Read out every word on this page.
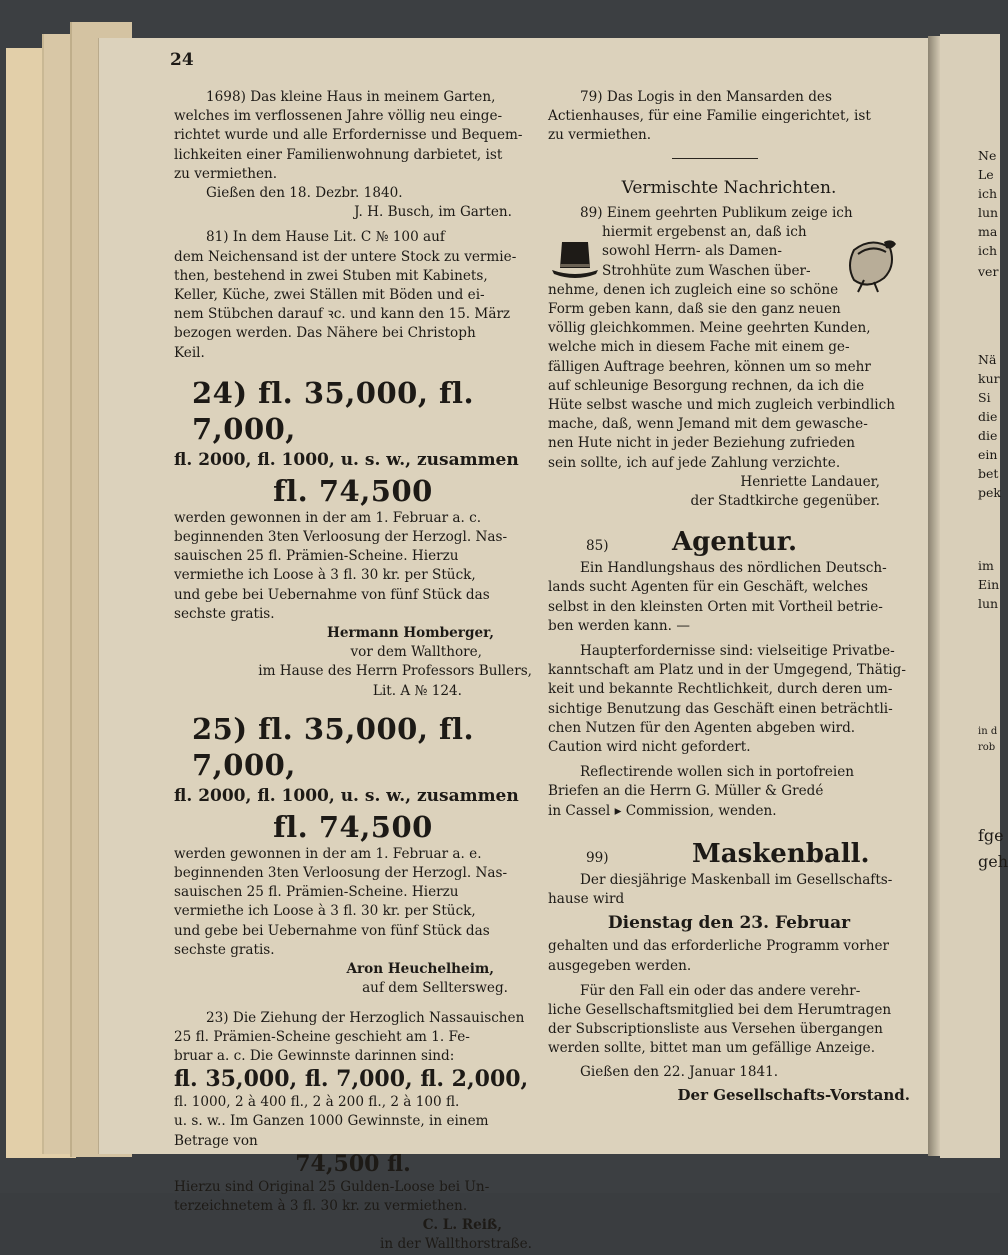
24

1698) Das kleine Haus in meinem Garten,

welches im verflossenen Jahre völlig neu einge-

richtet wurde und alle Erfordernisse und Bequem-

lichkeiten einer Familienwohnung darbietet, ist

zu vermiethen.

Gießen den 18. Dezbr. 1840.

J. H. Busch, im Garten.

81) In dem Hause Lit. C № 100 auf

dem Neichensand ist der untere Stock zu vermie-

then, bestehend in zwei Stuben mit Kabinets,

Keller, Küche, zwei Ställen mit Böden und ei-

nem Stübchen darauf ꝛc. und kann den 15. März

bezogen werden. Das Nähere bei Christoph

Keil.

24) fl. 35,000, fl. 7,000,

fl. 2000, fl. 1000, u. s. w., zusammen

fl. 74,500

werden gewonnen in der am 1. Februar a. c.

beginnenden 3ten Verloosung der Herzogl. Nas-

sauischen 25 fl. Prämien-Scheine. Hierzu

vermiethe ich Loose à 3 fl. 30 kr. per Stück,

und gebe bei Uebernahme von fünf Stück das

sechste gratis.

Hermann Homberger,

vor dem Wallthore,

im Hause des Herrn Professors Bullers,

Lit. A № 124.

25) fl. 35,000, fl. 7,000,

fl. 2000, fl. 1000, u. s. w., zusammen

fl. 74,500

werden gewonnen in der am 1. Februar a. e.

beginnenden 3ten Verloosung der Herzogl. Nas-

sauischen 25 fl. Prämien-Scheine. Hierzu

vermiethe ich Loose à 3 fl. 30 kr. per Stück,

und gebe bei Uebernahme von fünf Stück das

sechste gratis.

Aron Heuchelheim,

auf dem Selltersweg.

23) Die Ziehung der Herzoglich Nassauischen

25 fl. Prämien-Scheine geschieht am 1. Fe-

bruar a. c. Die Gewinnste darinnen sind:

fl. 35,000, fl. 7,000, fl. 2,000,

fl. 1000, 2 à 400 fl., 2 à 200 fl., 2 à 100 fl.

u. s. w.. Im Ganzen 1000 Gewinnste, in einem

Betrage von

74,500 fl.

Hierzu sind Original 25 Gulden-Loose bei Un-

terzeichnetem à 3 fl. 30 kr. zu vermiethen.

C. L. Reiß,

in der Wallthorstraße.

79) Das Logis in den Mansarden des

Actienhauses, für eine Familie eingerichtet, ist

zu vermiethen.

Vermischte Nachrichten.

89) Einem geehrten Publikum zeige ich

hiermit ergebenst an, daß ich

sowohl Herrn- als Damen-

Strohhüte zum Waschen über-

nehme, denen ich zugleich eine so schöne

Form geben kann, daß sie den ganz neuen

völlig gleichkommen. Meine geehrten Kunden,

welche mich in diesem Fache mit einem ge-

fälligen Auftrage beehren, können um so mehr

auf schleunige Besorgung rechnen, da ich die

Hüte selbst wasche und mich zugleich verbindlich

mache, daß, wenn Jemand mit dem gewasche-

nen Hute nicht in jeder Beziehung zufrieden

sein sollte, ich auf jede Zahlung verzichte.

Henriette Landauer,

der Stadtkirche gegenüber.

85)	Agentur.

Ein Handlungshaus des nördlichen Deutsch-

lands sucht Agenten für ein Geschäft, welches

selbst in den kleinsten Orten mit Vortheil betrie-

ben werden kann. —

Haupterfordernisse sind: vielseitige Privatbe-

kanntschaft am Platz und in der Umgegend, Thätig-

keit und bekannte Rechtlichkeit, durch deren um-

sichtige Benutzung das Geschäft einen beträchtli-

chen Nutzen für den Agenten abgeben wird.

Caution wird nicht gefordert.

Reflectirende wollen sich in portofreien

Briefen an die Herrn G. Müller & Gredé

in Cassel ▸ Commission, wenden.

99)	Maskenball.

Der diesjährige Maskenball im Gesellschafts-

hause wird

Dienstag den 23. Februar

gehalten und das erforderliche Programm vorher

ausgegeben werden.

Für den Fall ein oder das andere verehr-

liche Gesellschaftsmitglied bei dem Herumtragen

der Subscriptionsliste aus Versehen übergangen

werden sollte, bittet man um gefällige Anzeige.

Gießen den 22. Januar 1841.

Der Gesellschafts-Vorstand.

Ne
Le
ich
lun
ma
ich
ver
Nä
kur
Si
die
die
ein
bet
pek
im
Ein
lun
in d
rob
fge
geh
